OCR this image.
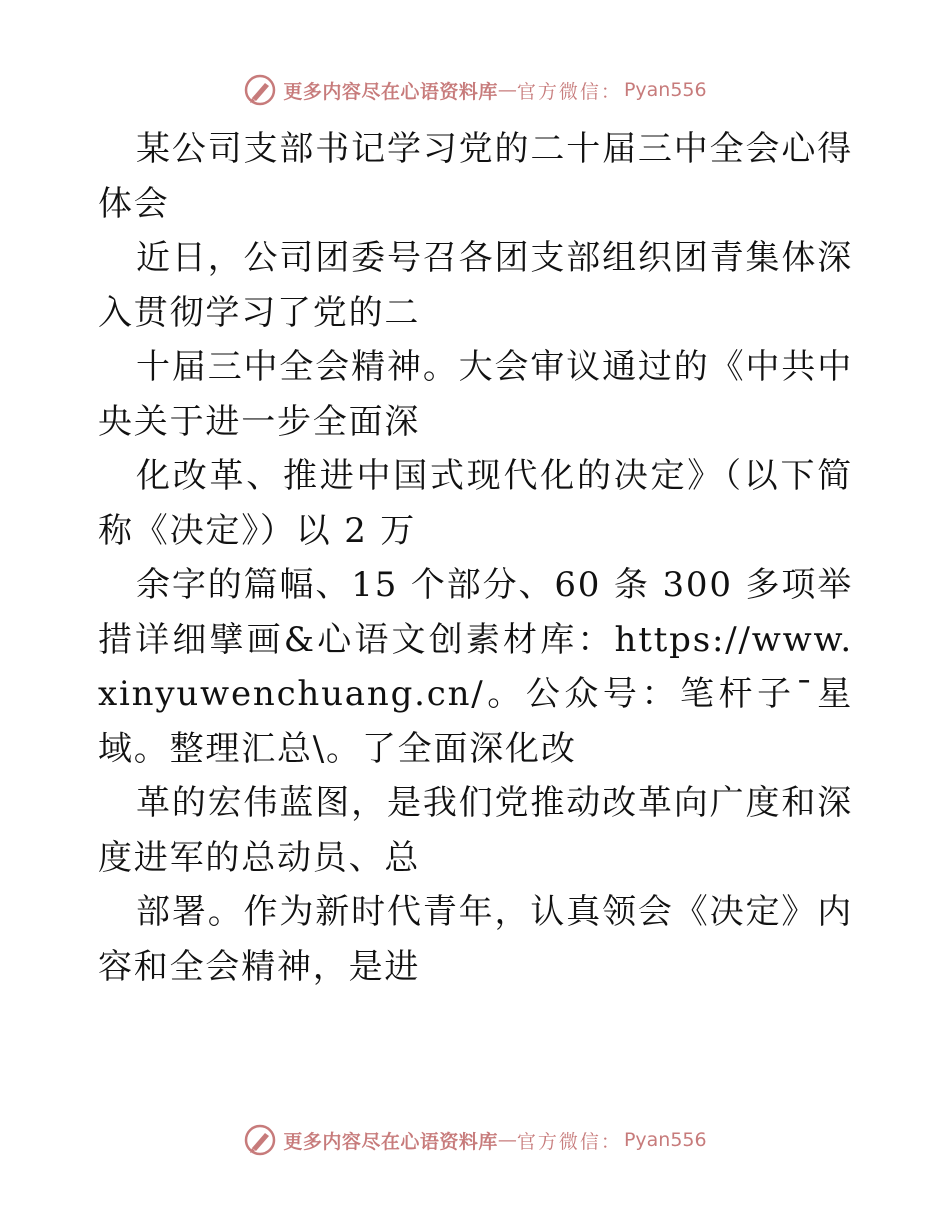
更多内容尽在心语资料库 — 官方微信： Pyan556

某公司支部书记学习党的二十届三中全会心得体会

近日，公司团委号召各团支部组织团青集体深入贯彻学习了党的二

十届三中全会精神。大会审议通过的《中共中央关于进一步全面深

化改革、推进中国式现代化的决定》（以下简称《决定》）以 2 万

余字的篇幅、15 个部分、60 条 300 多项举措详细擘画&心语文创素材库：https://www.xinyuwenchuang.cn/。公众号：笔杆子¯星域。整理汇总\。了全面深化改

革的宏伟蓝图，是我们党推动改革向广度和深度进军的总动员、总

部署。作为新时代青年，认真领会《决定》内容和全会精神，是进

更多内容尽在心语资料库 — 官方微信： Pyan556
